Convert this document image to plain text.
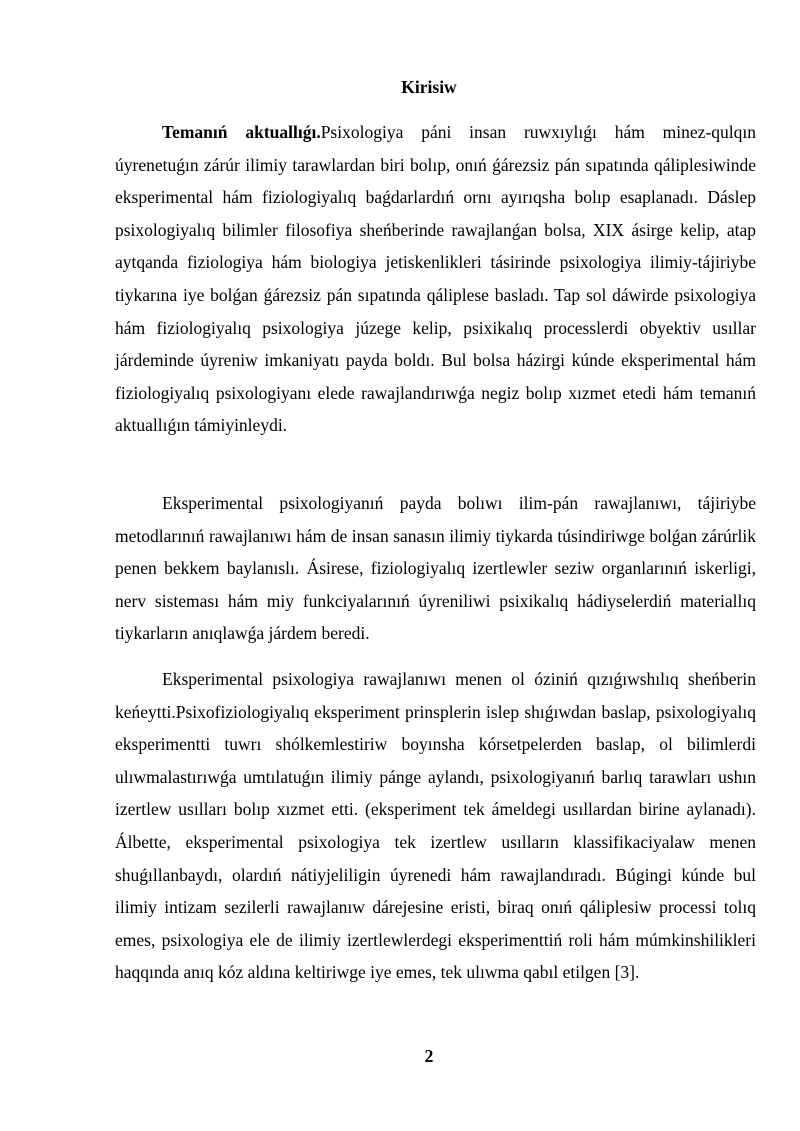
Kirisiw

Temanıń aktuallıǵı.Psixologiya páni insan ruwxıylıǵı hám minez-qulqın úyrenetuǵın zárúr ilimiy tarawlardan biri bolıp, onıń ǵárezsiz pán sıpatında qáliplesiwinde eksperimental hám fiziologiyalıq baǵdarlardıń ornı ayırıqsha bolıp esaplanadı. Dáslep psixologiyalıq bilimler filosofiya sheńberinde rawajlanǵan bolsa, XIX ásirge kelip, atap aytqanda fiziologiya hám biologiya jetiskenlikleri tásirinde psixologiya ilimiy-tájiriybe tiykarına iye bolǵan ǵárezsiz pán sıpatında qáliplese basladı. Tap sol dáwirde psixologiya hám fiziologiyalıq psixologiya júzege kelip, psixikalıq processlerdi obyektiv usıllar járdeminde úyreniw imkaniyatı payda boldı. Bul bolsa házirgi kúnde eksperimental hám fiziologiyalıq psixologiyanı elede rawajlandırıwǵa negiz bolıp xızmet etedi hám temanıń aktuallıǵın támiyinleydi.

Eksperimental psixologiyanıń payda bolıwı ilim-pán rawajlanıwı, tájiriybe metodlarınıń rawajlanıwı hám de insan sanasın ilimiy tiykarda túsindiriwge bolǵan zárúrlik penen bekkem baylanıslı. Ásirese, fiziologiyalıq izertlewler seziw organlarınıń iskerligi, nerv sisteması hám miy funkciyalarınıń úyreniliwi psixikalıq hádiyselerdiń materiallıq tiykarların anıqlawǵa járdem beredi.

Eksperimental psixologiya rawajlanıwı menen ol óziniń qızıǵıwshılıq sheńberin keńeytti.Psixofiziologiyalıq eksperiment prinsplerin islep shıǵıwdan baslap, psixologiyalıq eksperimentti tuwrı shólkemlestiriw boyınsha kórsetpelerden baslap, ol bilimlerdi ulıwmalastırıwǵa umtılatuǵın ilimiy pánge aylandı, psixologiyanıń barlıq tarawları ushın izertlew usılları bolıp xızmet etti. (eksperiment tek ámeldegi usıllardan birine aylanadı). Álbette, eksperimental psixologiya tek izertlew usılların klassifikaciyalaw menen shuǵıllanbaydı, olardıń nátiyjeliligin úyrenedi hám rawajlandıradı. Búgingi kúnde bul ilimiy intizam sezilerli rawajlanıw dárejesine eristi, biraq onıń qáliplesiw processi tolıq emes, psixologiya ele de ilimiy izertlewlerdegi eksperimenttiń roli hám múmkinshilikleri haqqında anıq kóz aldına keltiriwge iye emes, tek ulıwma qabıl etilgen [3].

2
